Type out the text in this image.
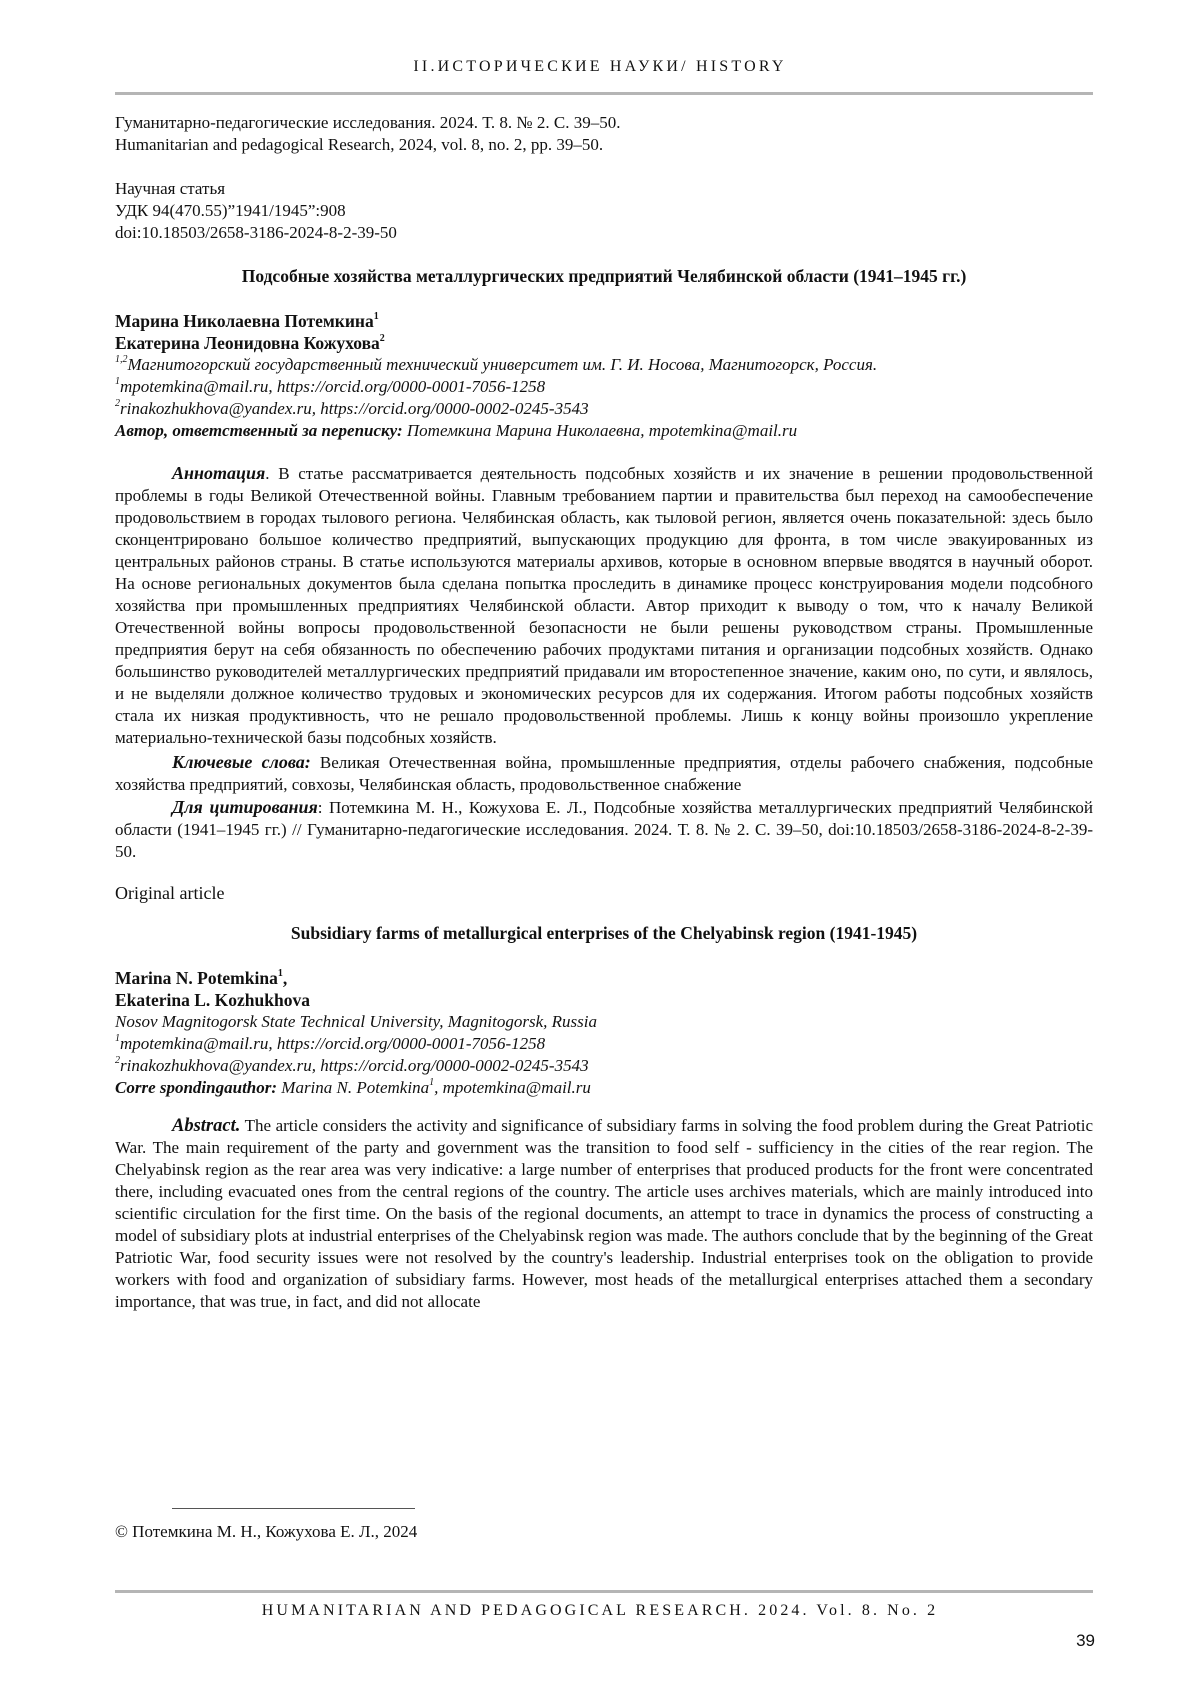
II.ИСТОРИЧЕСКИЕ НАУКИ/ HISTORY
Гуманитарно-педагогические исследования. 2024. Т. 8. № 2. С. 39–50.
Humanitarian and pedagogical Research, 2024, vol. 8, no. 2, pp. 39–50.
Научная статья
УДК 94(470.55)”1941/1945”:908
doi:10.18503/2658-3186-2024-8-2-39-50
Подсобные хозяйства металлургических предприятий Челябинской области (1941–1945 гг.)
Марина Николаевна Потемкина$^1$
Екатерина Леонидовна Кожухова$^2$
$^{1,2}$Магнитогорский государственный технический университет им. Г. И. Носова, Магнитогорск, Россия.
$^1$mpotemkina@mail.ru, https://orcid.org/0000-0001-7056-1258
$^2$rinakozhukhova@yandex.ru, https://orcid.org/0000-0002-0245-3543
Автор, ответственный за переписку: Потемкина Марина Николаевна, mpotemkina@mail.ru

Аннотация. В статье рассматривается деятельность подсобных хозяйств и их значение в решении продовольственной проблемы в годы Великой Отечественной войны. Главным требованием партии и правительства был переход на самообеспечение продовольствием в городах тылового региона. Челябинская область, как тыловой регион, является очень показательной: здесь было сконцентрировано большое количество предприятий, выпускающих продукцию для фронта, в том числе эвакуированных из центральных районов страны. В статье используются материалы архивов, которые в основном впервые вводятся в научный оборот. На основе региональных документов была сделана попытка проследить в динамике процесс конструирования модели подсобного хозяйства при промышленных предприятиях Челябинской области. Автор приходит к выводу о том, что к началу Великой Отечественной войны вопросы продовольственной безопасности не были решены руководством страны. Промышленные предприятия берут на себя обязанность по обеспечению рабочих продуктами питания и организации подсобных хозяйств. Однако большинство руководителей металлургических предприятий придавали им второстепенное значение, каким оно, по сути, и являлось, и не выделяли должное количество трудовых и экономических ресурсов для их содержания. Итогом работы подсобных хозяйств стала их низкая продуктивность, что не решало продовольственной проблемы. Лишь к концу войны произошло укрепление материально-технической базы подсобных хозяйств.

Ключевые слова: Великая Отечественная война, промышленные предприятия, отделы рабочего снабжения, подсобные хозяйства предприятий, совхозы, Челябинская область, продовольственное снабжение

Для цитирования: Потемкина М. Н., Кожухова Е. Л., Подсобные хозяйства металлургических предприятий Челябинской области (1941–1945 гг.) // Гуманитарно-педагогические исследования. 2024. Т. 8. № 2. С. 39–50, doi:10.18503/2658-3186-2024-8-2-39-50.

Original article
Subsidiary farms of metallurgical enterprises of the Chelyabinsk region (1941-1945)
Marina N. Potemkina$^1$,
Ekaterina L. Kozhukhova
Nosov Magnitogorsk State Technical University, Magnitogorsk, Russia
$^1$mpotemkina@mail.ru, https://orcid.org/0000-0001-7056-1258
$^2$rinakozhukhova@yandex.ru, https://orcid.org/0000-0002-0245-3543
Corre spondingauthor: Marina N. Potemkina$^1$, mpotemkina@mail.ru

Abstract. The article considers the activity and significance of subsidiary farms in solving the food problem during the Great Patriotic War. The main requirement of the party and government was the transition to food self - sufficiency in the cities of the rear region. The Chelyabinsk region as the rear area was very indicative: a large number of enterprises that produced products for the front were concentrated there, including evacuated ones from the central regions of the country. The article uses archives materials, which are mainly introduced into scientific circulation for the first time. On the basis of the regional documents, an attempt to trace in dynamics the process of constructing a model of subsidiary plots at industrial enterprises of the Chelyabinsk region was made. The authors conclude that by the beginning of the Great Patriotic War, food security issues were not resolved by the country's leadership. Industrial enterprises took on the obligation to provide workers with food and organization of subsidiary farms. However, most heads of the metallurgical enterprises attached them a secondary importance, that was true, in fact, and did not allocate

© Потемкина М. Н., Кожухова Е. Л., 2024
HUMANITARIAN AND PEDAGOGICAL RESEARCH. 2024. Vol. 8. No. 2
39
